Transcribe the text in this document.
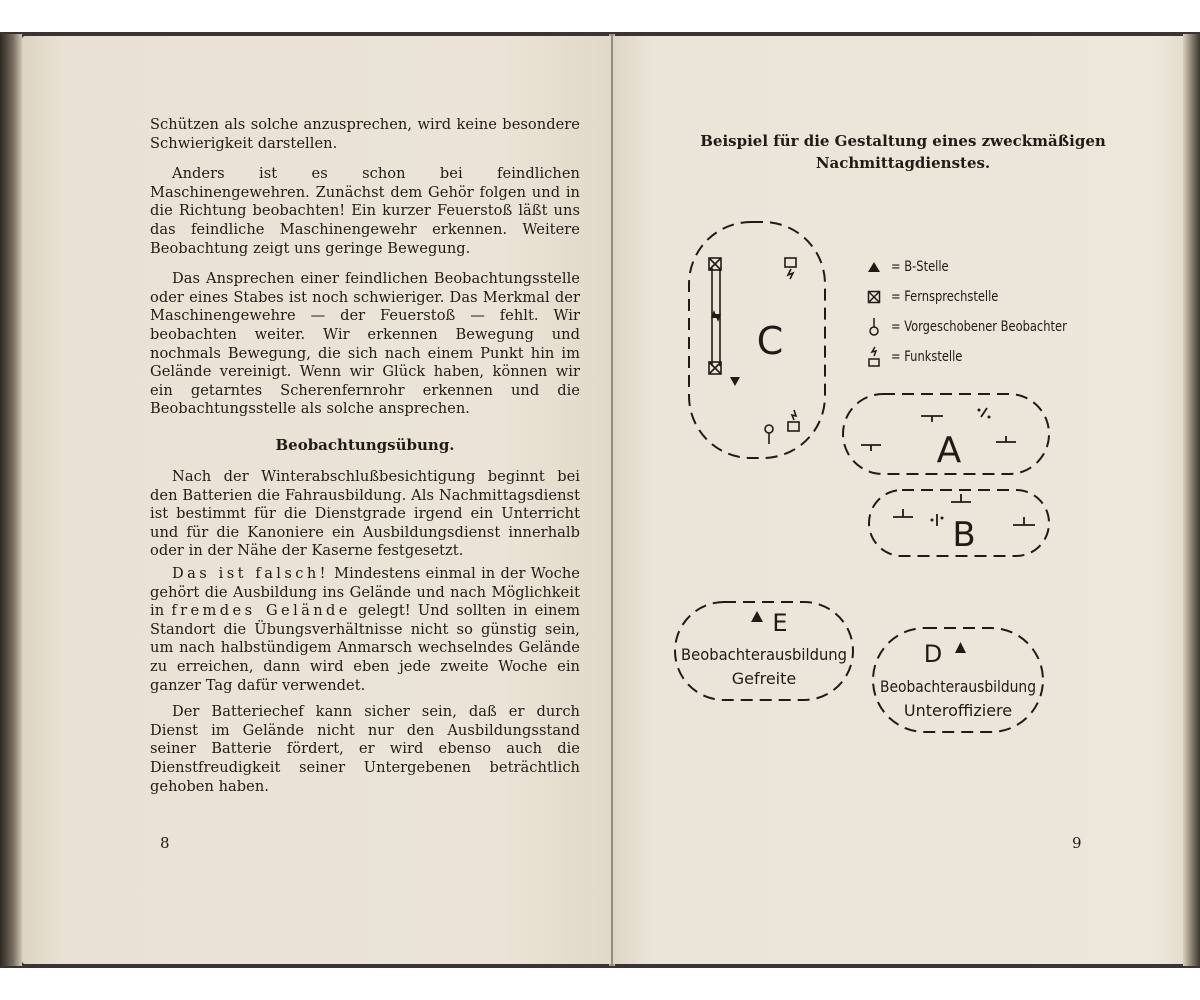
Schützen als solche anzusprechen, wird keine besondere Schwierigkeit darstellen.

Anders ist es schon bei feindlichen Maschinengewehren. Zunächst dem Gehör folgen und in die Richtung beobachten! Ein kurzer Feuerstoß läßt uns das feindliche Maschinengewehr erkennen. Weitere Beobachtung zeigt uns geringe Bewegung.

Das Ansprechen einer feindlichen Beobachtungsstelle oder eines Stabes ist noch schwieriger. Das Merkmal der Maschinengewehre — der Feuerstoß — fehlt. Wir beobachten weiter. Wir erkennen Bewegung und nochmals Bewegung, die sich nach einem Punkt hin im Gelände vereinigt. Wenn wir Glück haben, können wir ein getarntes Scherenfernrohr erkennen und die Beobachtungsstelle als solche ansprechen.

Beobachtungsübung.

Nach der Winterabschlußbesichtigung beginnt bei den Batterien die Fahrausbildung. Als Nachmittagsdienst ist bestimmt für die Dienstgrade irgend ein Unterricht und für die Kanoniere ein Ausbildungsdienst innerhalb oder in der Nähe der Kaserne festgesetzt.

Das ist falsch! Mindestens einmal in der Woche gehört die Ausbildung ins Gelände und nach Möglichkeit in fremdes Gelände gelegt! Und sollten in einem Standort die Übungsverhältnisse nicht so günstig sein, um nach halbstündigem Anmarsch wechselndes Gelände zu erreichen, dann wird eben jede zweite Woche ein ganzer Tag dafür verwendet.

Der Batteriechef kann sicher sein, daß er durch Dienst im Gelände nicht nur den Ausbildungsstand seiner Batterie fördert, er wird ebenso auch die Dienstfreudigkeit seiner Untergebenen beträchtlich gehoben haben.

8
Beispiel für die Gestaltung eines zweckmäßigen
Nachmittagdienstes.
C
A
B
E
Beobachterausbildung
Gefreite
D
Beobachterausbildung
Unteroffiziere
= B-Stelle
= Fernsprechstelle
= Vorgeschobener Beobachter
= Funkstelle
9
